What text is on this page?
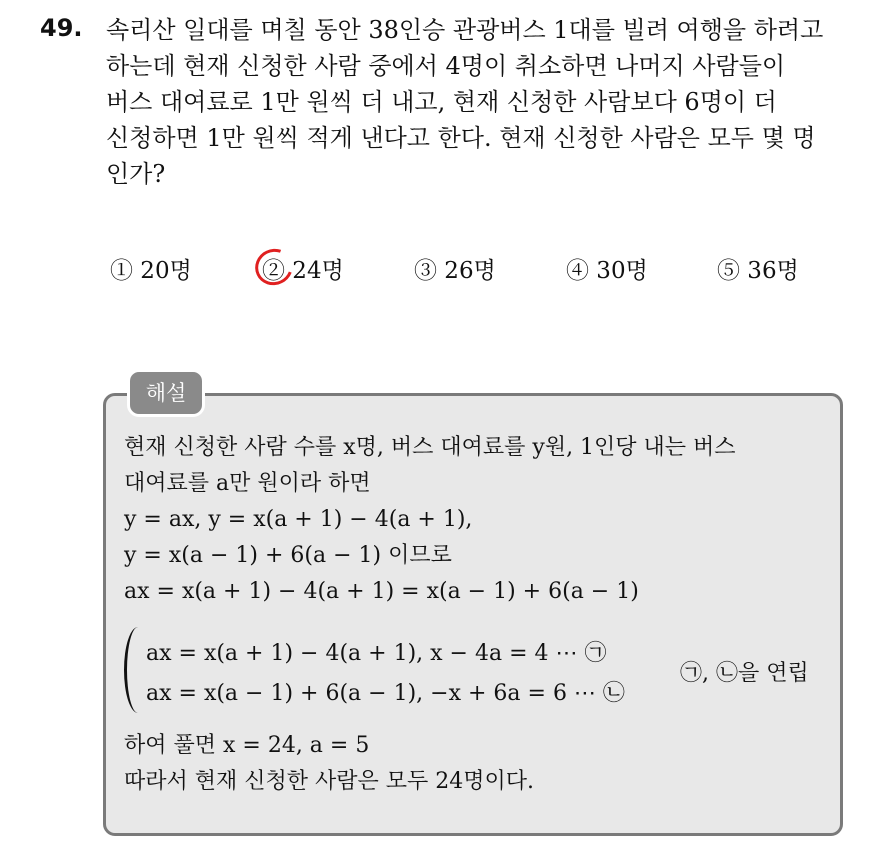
49. 속리산 일대를 며칠 동안 38인승 관광버스 1대를 빌려 여행을 하려고
하는데 현재 신청한 사람 중에서 4명이 취소하면 나머지 사람들이
버스 대여료로 1만 원씩 더 내고, 현재 신청한 사람보다 6명이 더
신청하면 1만 원씩 적게 낸다고 한다. 현재 신청한 사람은 모두 몇 명
인가?
① 20명	② 24명	③ 26명	④ 30명	⑤ 36명
해설
현재 신청한 사람 수를 x명, 버스 대여료를 y원, 1인당 내는 버스
대여료를 a만 원이라 하면
y = ax, y = x(a + 1) − 4(a + 1),
y = x(a − 1) + 6(a − 1) 이므로
ax = x(a + 1) − 4(a + 1) = x(a − 1) + 6(a − 1)
ax = x(a + 1) − 4(a + 1), x − 4a = 4 ⋯ ㉠
ax = x(a − 1) + 6(a − 1), −x + 6a = 6 ⋯ ㉡
㉠, ㉡을 연립
하여 풀면 x = 24, a = 5
따라서 현재 신청한 사람은 모두 24명이다.
